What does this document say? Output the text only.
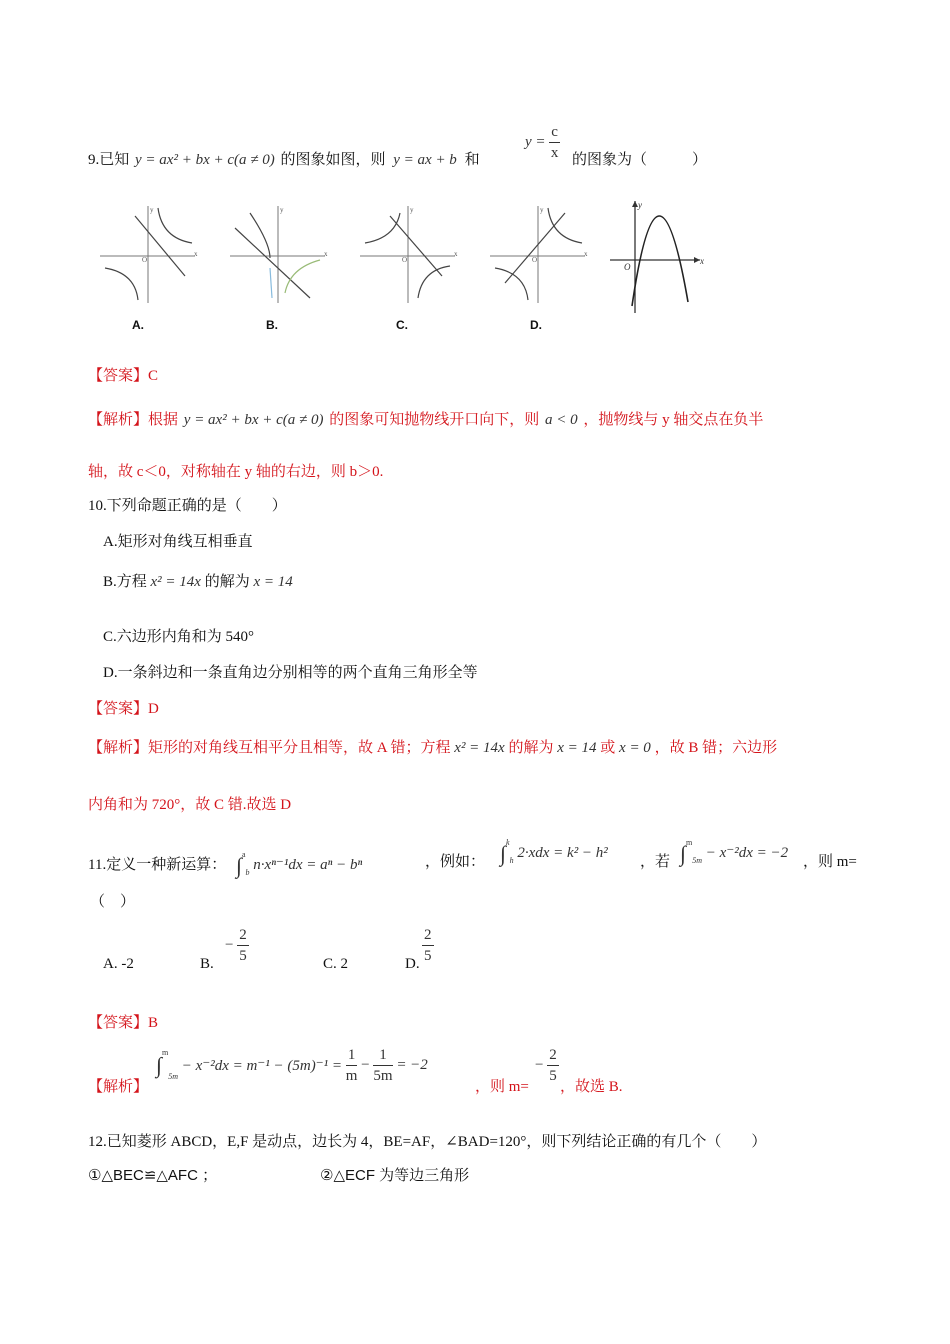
9.已知 y = ax² + bx + c(a ≠ 0) 的图象如图，则 y = ax + b 和
$y = \frac{c}{x}$ 的图象为（　　　）
x
y
O
x
y
x
y
O
x
y
O	x
y
O
A.	B.	C.	D.
【答案】C
【解析】根据 y = ax² + bx + c(a ≠ 0) 的图象可知抛物线开口向下，则 a < 0 ，抛物线与 y 轴交点在负半
轴，故 c＜0，对称轴在 y 轴的右边，则 b＞0.
10.下列命题正确的是（　　）
A.矩形对角线互相垂直
B.方程 x² = 14x 的解为 x = 14
C.六边形内角和为 540°
D.一条斜边和一条直角边分别相等的两个直角三角形全等
【答案】D
【解析】矩形的对角线互相平分且相等，故 A 错；方程 x² = 14x 的解为 x = 14 或 x = 0 ，故 B 错；六边形
内角和为 720°，故 C 错.故选 D
11.定义一种新运算： ∫$^a_b$ n·xⁿ⁻¹dx = aⁿ − bⁿ	，例如： ∫$^k_h$ 2·xdx = k² − h²
，若 ∫$^m_{5m}$ − x⁻²dx = −2
，则 m=
（　）
A. -2	B.
− $\frac{2}{5}$	C. 2	D. $\frac{2}{5}$
【答案】B
【解析】
$\int^m_{5m} - x^{-2}dx = m^{-1} - (5m)^{-1} = \frac{1}{m} - \frac{1}{5m} = -2$
，则 m=
− $\frac{2}{5}$
，故选 B.
12.已知菱形 ABCD，E,F 是动点，边长为 4，BE=AF，∠BAD=120°，则下列结论正确的有几个（　　）
①△BEC≌△AFC ；	②△ECF 为等边三角形
